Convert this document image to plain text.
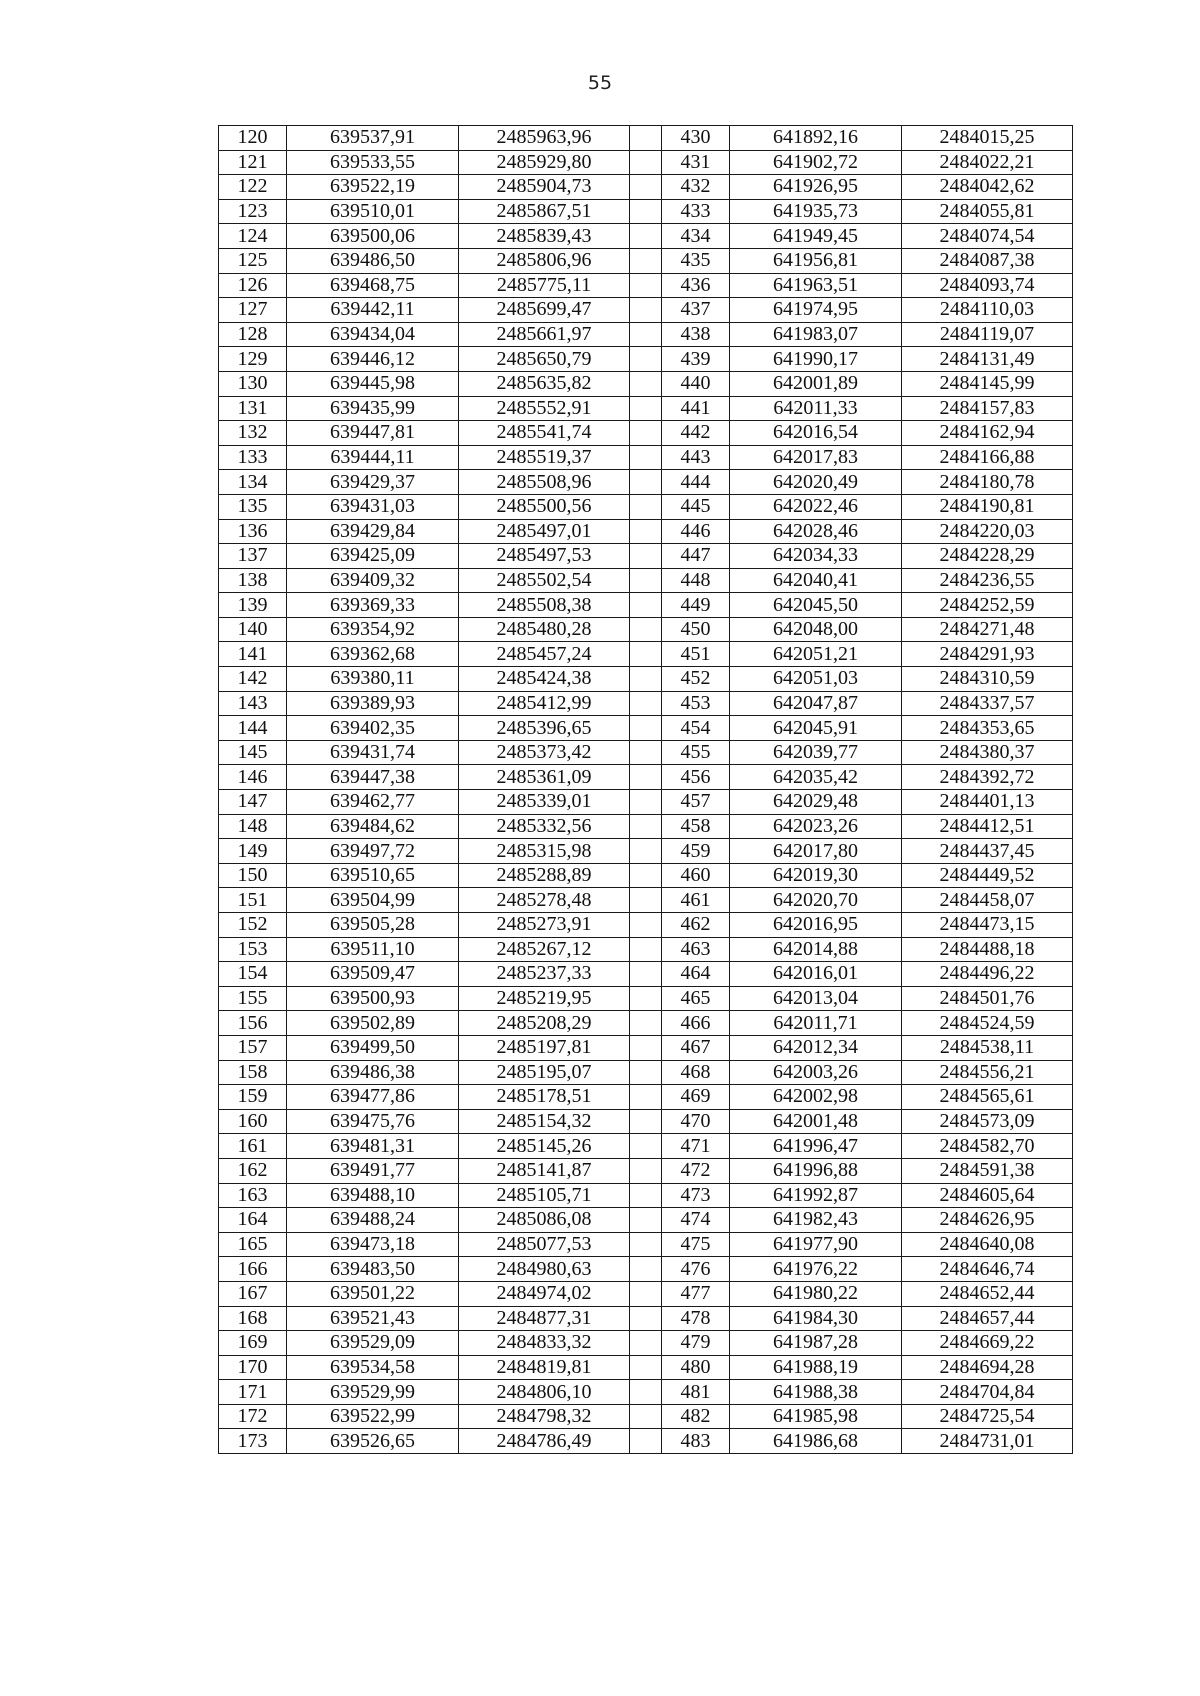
55
120	639537,91	2485963,96		430	641892,16	2484015,25
121	639533,55	2485929,80		431	641902,72	2484022,21
122	639522,19	2485904,73		432	641926,95	2484042,62
123	639510,01	2485867,51		433	641935,73	2484055,81
124	639500,06	2485839,43		434	641949,45	2484074,54
125	639486,50	2485806,96		435	641956,81	2484087,38
126	639468,75	2485775,11		436	641963,51	2484093,74
127	639442,11	2485699,47		437	641974,95	2484110,03
128	639434,04	2485661,97		438	641983,07	2484119,07
129	639446,12	2485650,79		439	641990,17	2484131,49
130	639445,98	2485635,82		440	642001,89	2484145,99
131	639435,99	2485552,91		441	642011,33	2484157,83
132	639447,81	2485541,74		442	642016,54	2484162,94
133	639444,11	2485519,37		443	642017,83	2484166,88
134	639429,37	2485508,96		444	642020,49	2484180,78
135	639431,03	2485500,56		445	642022,46	2484190,81
136	639429,84	2485497,01		446	642028,46	2484220,03
137	639425,09	2485497,53		447	642034,33	2484228,29
138	639409,32	2485502,54		448	642040,41	2484236,55
139	639369,33	2485508,38		449	642045,50	2484252,59
140	639354,92	2485480,28		450	642048,00	2484271,48
141	639362,68	2485457,24		451	642051,21	2484291,93
142	639380,11	2485424,38		452	642051,03	2484310,59
143	639389,93	2485412,99		453	642047,87	2484337,57
144	639402,35	2485396,65		454	642045,91	2484353,65
145	639431,74	2485373,42		455	642039,77	2484380,37
146	639447,38	2485361,09		456	642035,42	2484392,72
147	639462,77	2485339,01		457	642029,48	2484401,13
148	639484,62	2485332,56		458	642023,26	2484412,51
149	639497,72	2485315,98		459	642017,80	2484437,45
150	639510,65	2485288,89		460	642019,30	2484449,52
151	639504,99	2485278,48		461	642020,70	2484458,07
152	639505,28	2485273,91		462	642016,95	2484473,15
153	639511,10	2485267,12		463	642014,88	2484488,18
154	639509,47	2485237,33		464	642016,01	2484496,22
155	639500,93	2485219,95		465	642013,04	2484501,76
156	639502,89	2485208,29		466	642011,71	2484524,59
157	639499,50	2485197,81		467	642012,34	2484538,11
158	639486,38	2485195,07		468	642003,26	2484556,21
159	639477,86	2485178,51		469	642002,98	2484565,61
160	639475,76	2485154,32		470	642001,48	2484573,09
161	639481,31	2485145,26		471	641996,47	2484582,70
162	639491,77	2485141,87		472	641996,88	2484591,38
163	639488,10	2485105,71		473	641992,87	2484605,64
164	639488,24	2485086,08		474	641982,43	2484626,95
165	639473,18	2485077,53		475	641977,90	2484640,08
166	639483,50	2484980,63		476	641976,22	2484646,74
167	639501,22	2484974,02		477	641980,22	2484652,44
168	639521,43	2484877,31		478	641984,30	2484657,44
169	639529,09	2484833,32		479	641987,28	2484669,22
170	639534,58	2484819,81		480	641988,19	2484694,28
171	639529,99	2484806,10		481	641988,38	2484704,84
172	639522,99	2484798,32		482	641985,98	2484725,54
173	639526,65	2484786,49		483	641986,68	2484731,01
